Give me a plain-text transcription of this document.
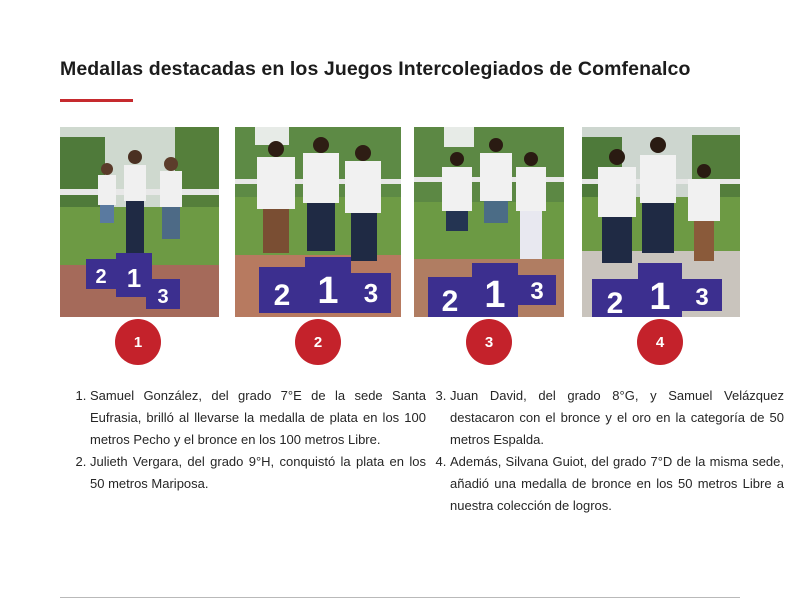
Medallas destacadas en los Juegos Intercolegiados de Comfenalco
2 1
3	2 1 3 2 1 3 2 1 3
1	2	3	4
1. Samuel González, del grado 7°E de la sede Santa Eufrasia, brilló al llevarse la medalla de plata en los 100 metros Pecho y el bronce en los 100 metros Libre.
2. Julieth Vergara, del grado 9°H, conquistó la plata en los 50 metros Mariposa.
3. Juan David, del grado 8°G, y Samuel Velázquez destacaron con el bronce y el oro en la categoría de 50 metros Espalda.
4. Además, Silvana Guiot, del grado 7°D de la misma sede, añadió una medalla de bronce en los 50 metros Libre a nuestra colección de logros.
